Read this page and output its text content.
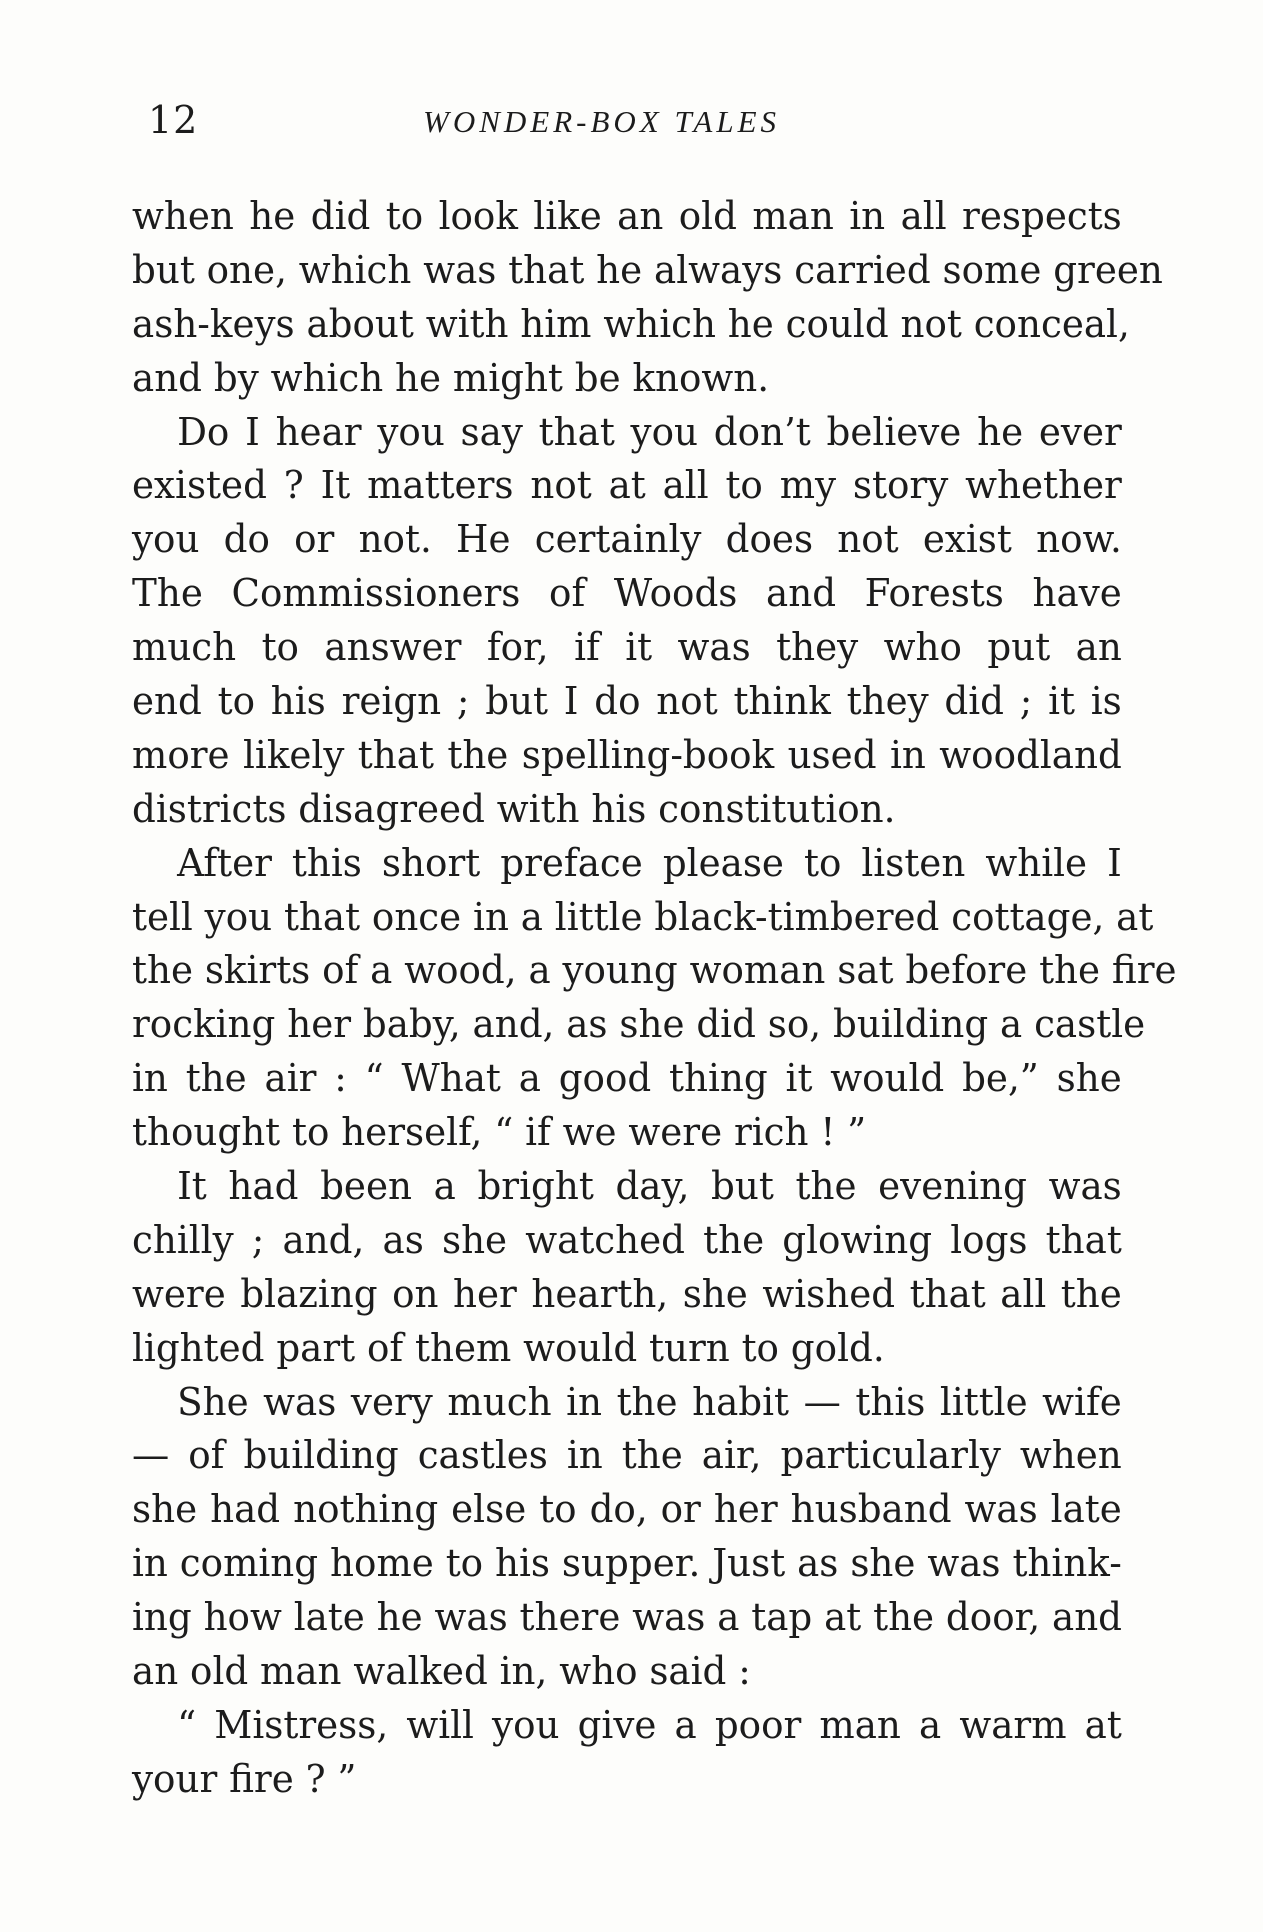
12	WONDER-BOX TALES
when he did to look like an old man in all respects
but one, which was that he always carried some green
ash-keys about with him which he could not conceal,
and by which he might be known.
Do I hear you say that you don’t believe he ever
existed ? It matters not at all to my story whether
you do or not. He certainly does not exist now.
The Commissioners of Woods and Forests have
much to answer for, if it was they who put an
end to his reign ; but I do not think they did ; it is
more likely that the spelling-book used in woodland
districts disagreed with his constitution.
After this short preface please to listen while I
tell you that once in a little black-timbered cottage, at
the skirts of a wood, a young woman sat before the fire
rocking her baby, and, as she did so, building a castle
in the air : “ What a good thing it would be,” she
thought to herself, “ if we were rich ! ”
It had been a bright day, but the evening was
chilly ; and, as she watched the glowing logs that
were blazing on her hearth, she wished that all the
lighted part of them would turn to gold.
She was very much in the habit — this little wife
— of building castles in the air, particularly when
she had nothing else to do, or her husband was late
in coming home to his supper. Just as she was think-
ing how late he was there was a tap at the door, and
an old man walked in, who said :
“ Mistress, will you give a poor man a warm at
your fire ? ”
